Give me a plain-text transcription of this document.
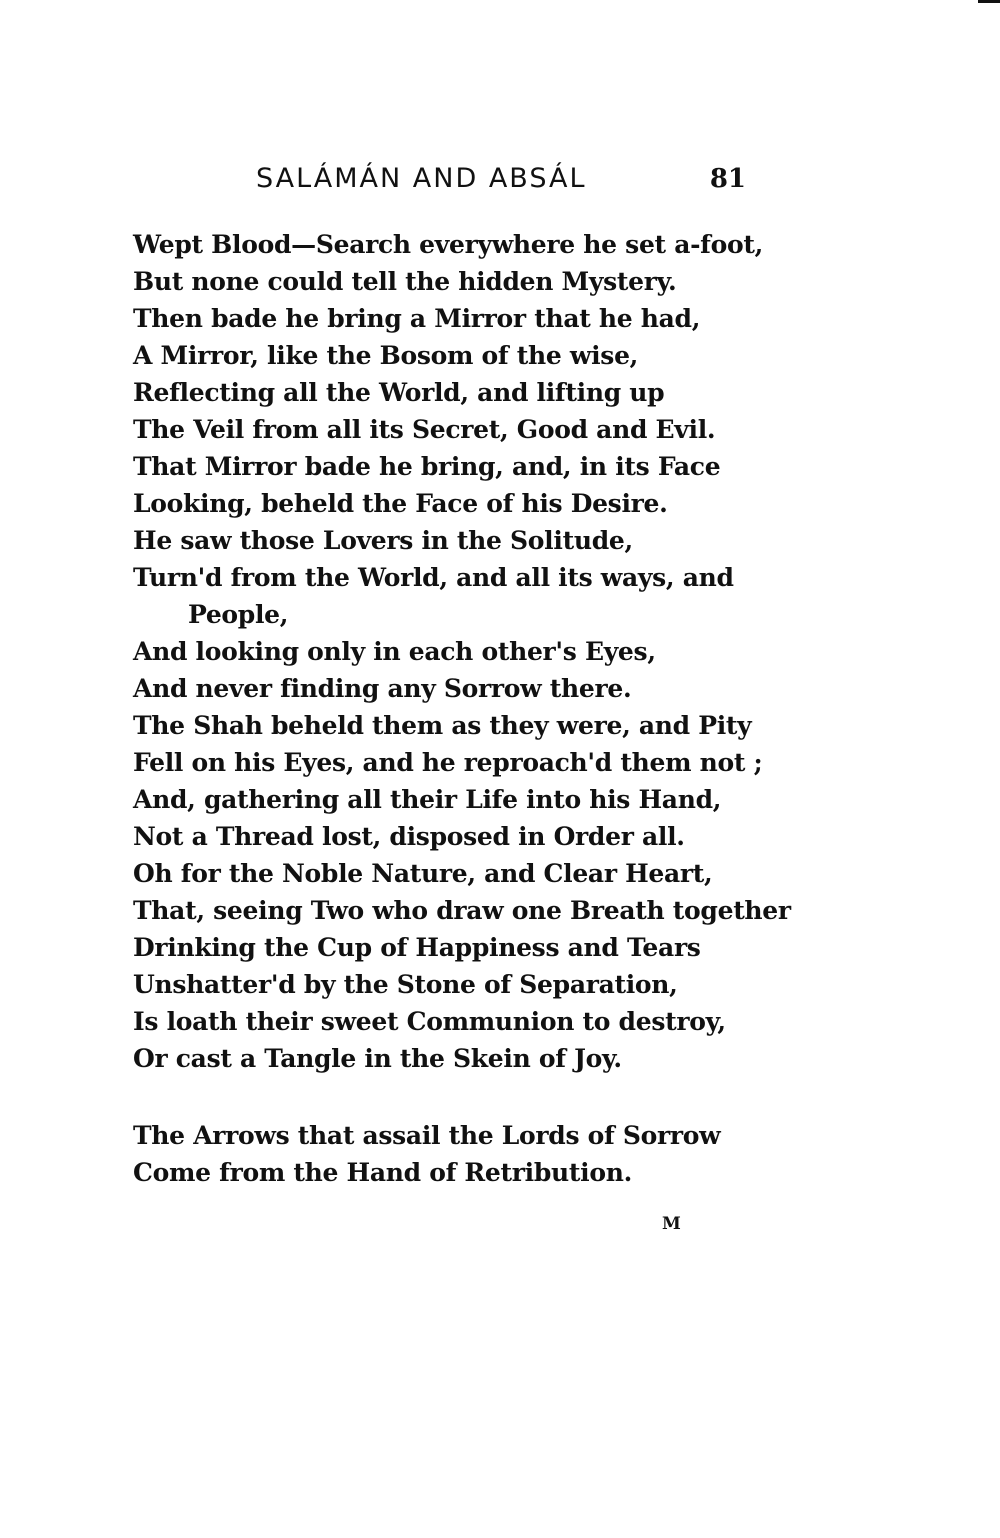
SALÁMÁN AND ABSÁL	81
Wept Blood—Search everywhere he set a-foot,
But none could tell the hidden Mystery.
Then bade he bring a Mirror that he had,
A Mirror, like the Bosom of the wise,
Reflecting all the World, and lifting up
The Veil from all its Secret, Good and Evil.
That Mirror bade he bring, and, in its Face
Looking, beheld the Face of his Desire.
He saw those Lovers in the Solitude,
Turn'd from the World, and all its ways, and
People,
And looking only in each other's Eyes,
And never finding any Sorrow there.
The Shah beheld them as they were, and Pity
Fell on his Eyes, and he reproach'd them not ;
And, gathering all their Life into his Hand,
Not a Thread lost, disposed in Order all.
Oh for the Noble Nature, and Clear Heart,
That, seeing Two who draw one Breath together
Drinking the Cup of Happiness and Tears
Unshatter'd by the Stone of Separation,
Is loath their sweet Communion to destroy,
Or cast a Tangle in the Skein of Joy.
The Arrows that assail the Lords of Sorrow
Come from the Hand of Retribution.
M
